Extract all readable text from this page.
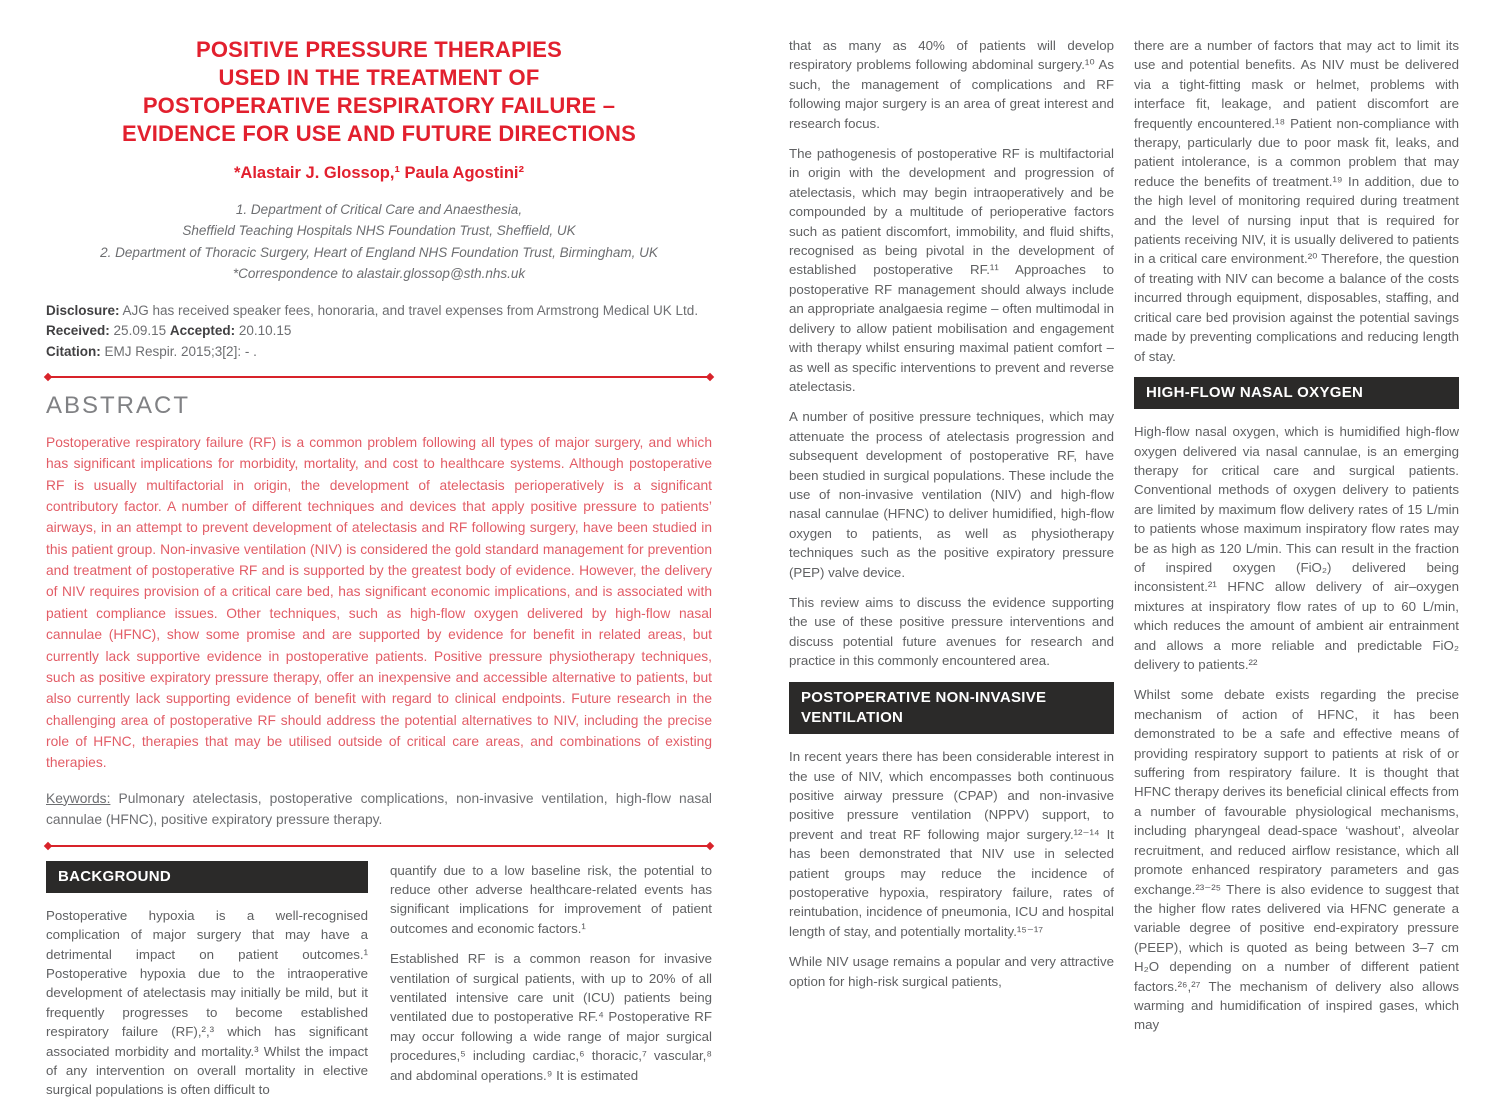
POSITIVE PRESSURE THERAPIES
USED IN THE TREATMENT OF
POSTOPERATIVE RESPIRATORY FAILURE –
EVIDENCE FOR USE AND FUTURE DIRECTIONS
*Alastair J. Glossop,¹ Paula Agostini²
1. Department of Critical Care and Anaesthesia,
Sheffield Teaching Hospitals NHS Foundation Trust, Sheffield, UK
2. Department of Thoracic Surgery, Heart of England NHS Foundation Trust, Birmingham, UK
*Correspondence to alastair.glossop@sth.nhs.uk

Disclosure: AJG has received speaker fees, honoraria, and travel expenses from Armstrong Medical UK Ltd.

Received: 25.09.15 Accepted: 20.10.15

Citation: EMJ Respir. 2015;3[2]: - .

ABSTRACT

Postoperative respiratory failure (RF) is a common problem following all types of major surgery, and which has significant implications for morbidity, mortality, and cost to healthcare systems. Although postoperative RF is usually multifactorial in origin, the development of atelectasis perioperatively is a significant contributory factor. A number of different techniques and devices that apply positive pressure to patients’ airways, in an attempt to prevent development of atelectasis and RF following surgery, have been studied in this patient group. Non-invasive ventilation (NIV) is considered the gold standard management for prevention and treatment of postoperative RF and is supported by the greatest body of evidence. However, the delivery of NIV requires provision of a critical care bed, has significant economic implications, and is associated with patient compliance issues. Other techniques, such as high-flow oxygen delivered by high-flow nasal cannulae (HFNC), show some promise and are supported by evidence for benefit in related areas, but currently lack supportive evidence in postoperative patients. Positive pressure physiotherapy techniques, such as positive expiratory pressure therapy, offer an inexpensive and accessible alternative to patients, but also currently lack supporting evidence of benefit with regard to clinical endpoints. Future research in the challenging area of postoperative RF should address the potential alternatives to NIV, including the precise role of HFNC, therapies that may be utilised outside of critical care areas, and combinations of existing therapies.

Keywords: Pulmonary atelectasis, postoperative complications, non-invasive ventilation, high-flow nasal cannulae (HFNC), positive expiratory pressure therapy.

BACKGROUND

Postoperative hypoxia is a well-recognised complication of major surgery that may have a detrimental impact on patient outcomes.¹ Postoperative hypoxia due to the intraoperative development of atelectasis may initially be mild, but it frequently progresses to become established respiratory failure (RF),²,³ which has significant associated morbidity and mortality.³ Whilst the impact of any intervention on overall mortality in elective surgical populations is often difficult to

quantify due to a low baseline risk, the potential to reduce other adverse healthcare-related events has significant implications for improvement of patient outcomes and economic factors.¹

Established RF is a common reason for invasive ventilation of surgical patients, with up to 20% of all ventilated intensive care unit (ICU) patients being ventilated due to postoperative RF.⁴ Postoperative RF may occur following a wide range of major surgical procedures,⁵ including cardiac,⁶ thoracic,⁷ vascular,⁸ and abdominal operations.⁹ It is estimated

that as many as 40% of patients will develop respiratory problems following abdominal surgery.¹⁰ As such, the management of complications and RF following major surgery is an area of great interest and research focus.

The pathogenesis of postoperative RF is multifactorial in origin with the development and progression of atelectasis, which may begin intraoperatively and be compounded by a multitude of perioperative factors such as patient discomfort, immobility, and fluid shifts, recognised as being pivotal in the development of established postoperative RF.¹¹ Approaches to postoperative RF management should always include an appropriate analgaesia regime – often multimodal in delivery to allow patient mobilisation and engagement with therapy whilst ensuring maximal patient comfort – as well as specific interventions to prevent and reverse atelectasis.

A number of positive pressure techniques, which may attenuate the process of atelectasis progression and subsequent development of postoperative RF, have been studied in surgical populations. These include the use of non-invasive ventilation (NIV) and high-flow nasal cannulae (HFNC) to deliver humidified, high-flow oxygen to patients, as well as physiotherapy techniques such as the positive expiratory pressure (PEP) valve device.

This review aims to discuss the evidence supporting the use of these positive pressure interventions and discuss potential future avenues for research and practice in this commonly encountered area.

POSTOPERATIVE NON-INVASIVE VENTILATION

In recent years there has been considerable interest in the use of NIV, which encompasses both continuous positive airway pressure (CPAP) and non-invasive positive pressure ventilation (NPPV) support, to prevent and treat RF following major surgery.¹²⁻¹⁴ It has been demonstrated that NIV use in selected patient groups may reduce the incidence of postoperative hypoxia, respiratory failure, rates of reintubation, incidence of pneumonia, ICU and hospital length of stay, and potentially mortality.¹⁵⁻¹⁷

While NIV usage remains a popular and very attractive option for high-risk surgical patients,

there are a number of factors that may act to limit its use and potential benefits. As NIV must be delivered via a tight-fitting mask or helmet, problems with interface fit, leakage, and patient discomfort are frequently encountered.¹⁸ Patient non-compliance with therapy, particularly due to poor mask fit, leaks, and patient intolerance, is a common problem that may reduce the benefits of treatment.¹⁹ In addition, due to the high level of monitoring required during treatment and the level of nursing input that is required for patients receiving NIV, it is usually delivered to patients in a critical care environment.²⁰ Therefore, the question of treating with NIV can become a balance of the costs incurred through equipment, disposables, staffing, and critical care bed provision against the potential savings made by preventing complications and reducing length of stay.

HIGH-FLOW NASAL OXYGEN

High-flow nasal oxygen, which is humidified high-flow oxygen delivered via nasal cannulae, is an emerging therapy for critical care and surgical patients. Conventional methods of oxygen delivery to patients are limited by maximum flow delivery rates of 15 L/min to patients whose maximum inspiratory flow rates may be as high as 120 L/min. This can result in the fraction of inspired oxygen (FiO₂) delivered being inconsistent.²¹ HFNC allow delivery of air–oxygen mixtures at inspiratory flow rates of up to 60 L/min, which reduces the amount of ambient air entrainment and allows a more reliable and predictable FiO₂ delivery to patients.²²

Whilst some debate exists regarding the precise mechanism of action of HFNC, it has been demonstrated to be a safe and effective means of providing respiratory support to patients at risk of or suffering from respiratory failure. It is thought that HFNC therapy derives its beneficial clinical effects from a number of favourable physiological mechanisms, including pharyngeal dead-space ‘washout’, alveolar recruitment, and reduced airflow resistance, which all promote enhanced respiratory parameters and gas exchange.²³⁻²⁵ There is also evidence to suggest that the higher flow rates delivered via HFNC generate a variable degree of positive end-expiratory pressure (PEEP), which is quoted as being between 3–7 cm H₂O depending on a number of different patient factors.²⁶,²⁷ The mechanism of delivery also allows warming and humidification of inspired gases, which may
